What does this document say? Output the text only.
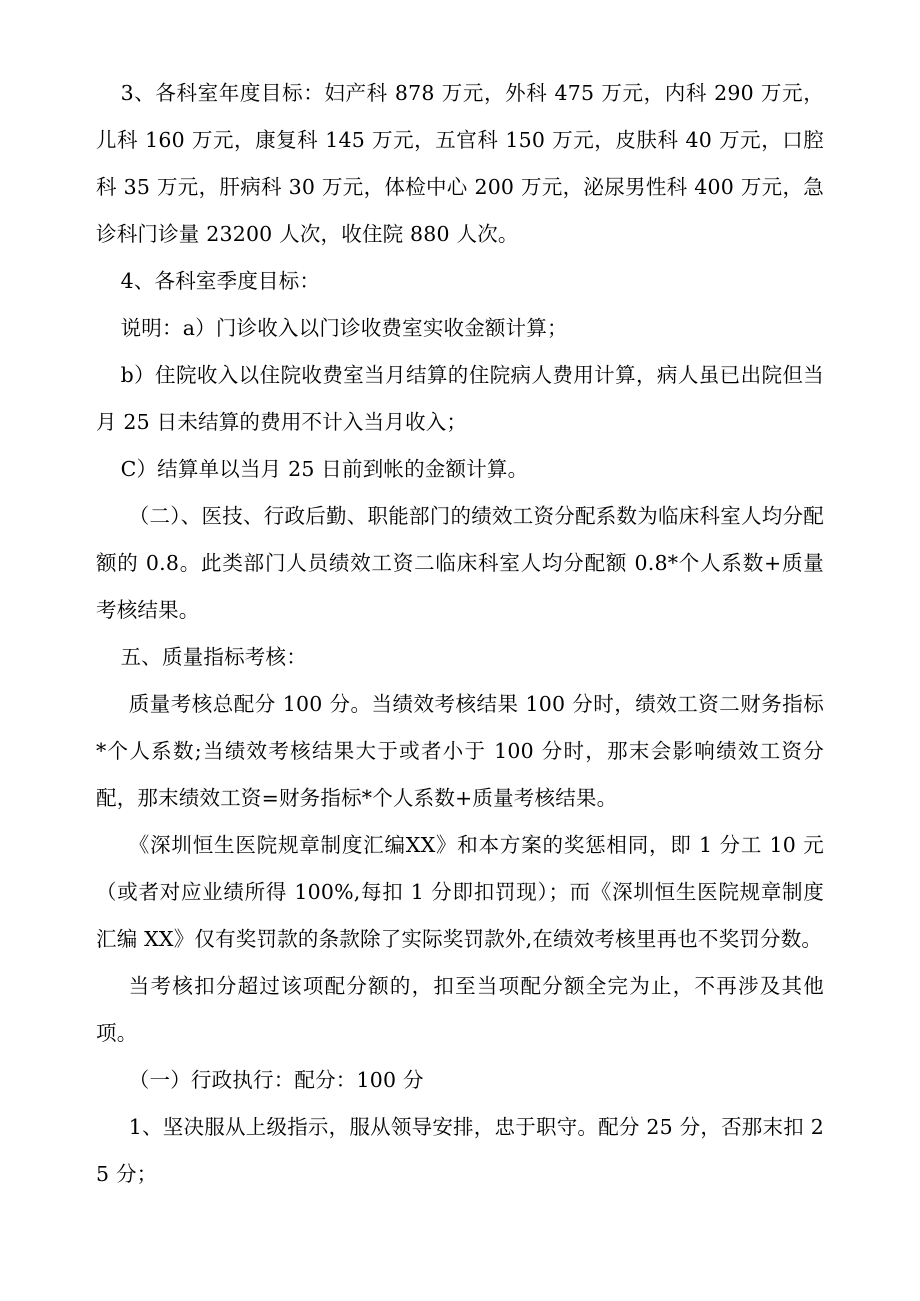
3、各科室年度目标：妇产科 878 万元，外科 475 万元，内科 290 万元，儿科 160 万元，康复科 145 万元，五官科 150 万元，皮肤科 40 万元，口腔科 35 万元，肝病科 30 万元，体检中心 200 万元，泌尿男性科 400 万元，急诊科门诊量 23200 人次，收住院 880 人次。

4、各科室季度目标：

说明：a）门诊收入以门诊收费室实收金额计算；

b）住院收入以住院收费室当月结算的住院病人费用计算，病人虽已出院但当月 25 日未结算的费用不计入当月收入；

C）结算单以当月 25 日前到帐的金额计算。

（二）、医技、行政后勤、职能部门的绩效工资分配系数为临床科室人均分配额的 0.8。此类部门人员绩效工资二临床科室人均分配额 0.8*个人系数+质量考核结果。

五、质量指标考核：

质量考核总配分 100 分。当绩效考核结果 100 分时，绩效工资二财务指标*个人系数;当绩效考核结果大于或者小于 100 分时，那末会影响绩效工资分配，那末绩效工资=财务指标*个人系数+质量考核结果。

《深圳恒生医院规章制度汇编XX》和本方案的奖惩相同，即 1 分工 10 元（或者对应业绩所得 100%,每扣 1 分即扣罚现）；而《深圳恒生医院规章制度汇编 XX》仅有奖罚款的条款除了实际奖罚款外,在绩效考核里再也不奖罚分数。

当考核扣分超过该项配分额的，扣至当项配分额全完为止，不再涉及其他项。

（一）行政执行：配分：100 分

1、坚决服从上级指示，服从领导安排，忠于职守。配分 25 分，否那末扣 25 分；
